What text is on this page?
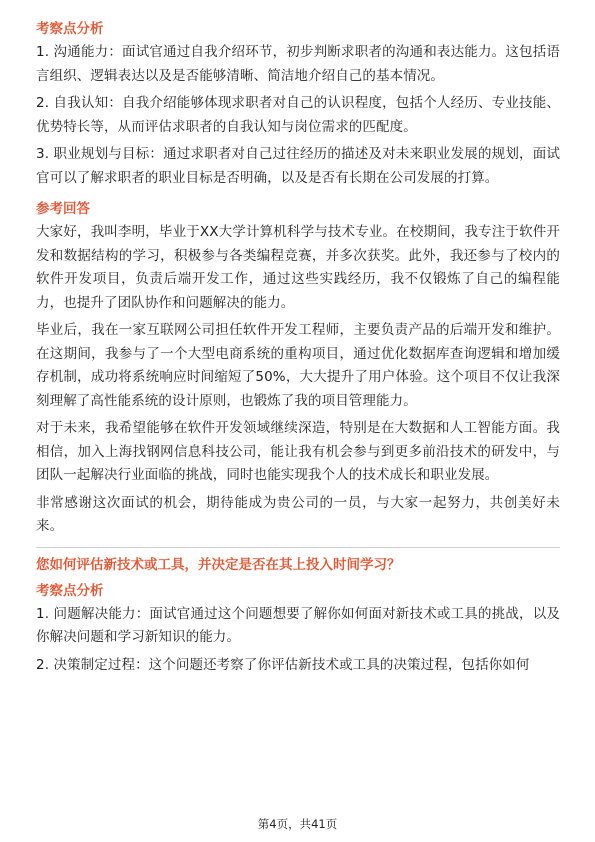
考察点分析

1. 沟通能力：面试官通过自我介绍环节，初步判断求职者的沟通和表达能力。这包括语言组织、逻辑表达以及是否能够清晰、简洁地介绍自己的基本情况。

2. 自我认知：自我介绍能够体现求职者对自己的认识程度，包括个人经历、专业技能、优势特长等，从而评估求职者的自我认知与岗位需求的匹配度。

3. 职业规划与目标：通过求职者对自己过往经历的描述及对未来职业发展的规划，面试官可以了解求职者的职业目标是否明确，以及是否有长期在公司发展的打算。

参考回答

大家好，我叫李明，毕业于XX大学计算机科学与技术专业。在校期间，我专注于软件开发和数据结构的学习，积极参与各类编程竞赛，并多次获奖。此外，我还参与了校内的软件开发项目，负责后端开发工作，通过这些实践经历，我不仅锻炼了自己的编程能力，也提升了团队协作和问题解决的能力。

毕业后，我在一家互联网公司担任软件开发工程师，主要负责产品的后端开发和维护。在这期间，我参与了一个大型电商系统的重构项目，通过优化数据库查询逻辑和增加缓存机制，成功将系统响应时间缩短了50%，大大提升了用户体验。这个项目不仅让我深刻理解了高性能系统的设计原则，也锻炼了我的项目管理能力。

对于未来，我希望能够在软件开发领域继续深造，特别是在大数据和人工智能方面。我相信，加入上海找钢网信息科技公司，能让我有机会参与到更多前沿技术的研发中，与团队一起解决行业面临的挑战，同时也能实现我个人的技术成长和职业发展。

非常感谢这次面试的机会，期待能成为贵公司的一员，与大家一起努力，共创美好未来。

您如何评估新技术或工具，并决定是否在其上投入时间学习？
考察点分析

1. 问题解决能力：面试官通过这个问题想要了解你如何面对新技术或工具的挑战，以及你解决问题和学习新知识的能力。

2. 决策制定过程：这个问题还考察了你评估新技术或工具的决策过程，包括你如何

第4页，共41页
